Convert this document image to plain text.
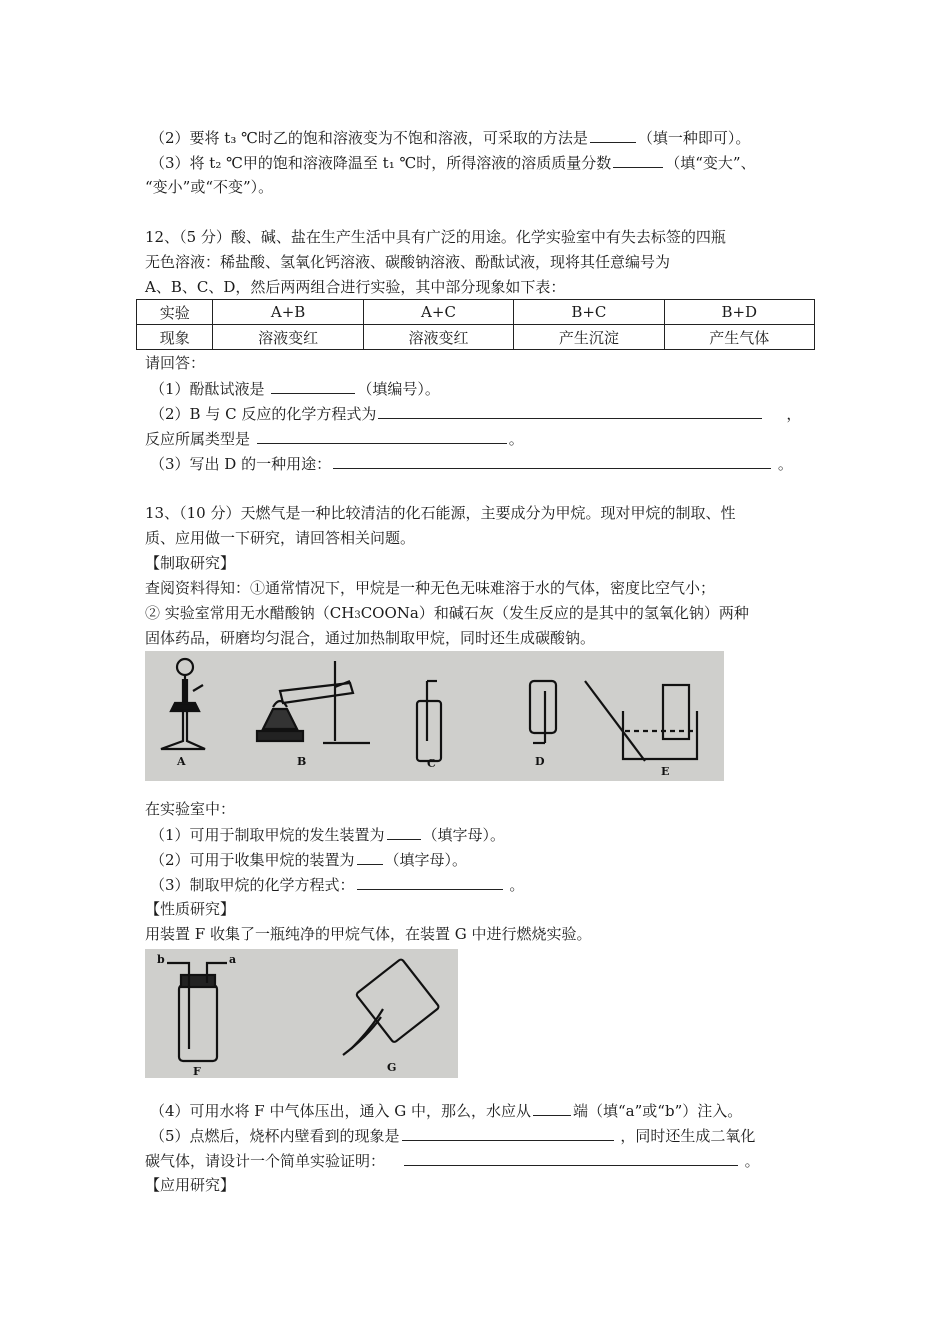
（2）要将 t₃ ℃时乙的饱和溶液变为不饱和溶液，可采取的方法是	（填一种即可）。
（3）将 t₂ ℃甲的饱和溶液降温至 t₁ ℃时，所得溶液的溶质质量分数	（填“变大”、
“变小”或“不变”）。
12、（5 分）酸、碱、盐在生产生活中具有广泛的用途。化学实验室中有失去标签的四瓶
无色溶液：稀盐酸、氢氧化钙溶液、碳酸钠溶液、酚酞试液，现将其任意编号为
A、B、C、D，然后两两组合进行实验，其中部分现象如下表：
实验	A+B	A+C	B+C	B+D
现象	溶液变红	溶液变红	产生沉淀	产生气体
请回答：
（1）酚酞试液是	（填编号）。
（2）B 与 C 反应的化学方程式为	，
反应所属类型是	。
（3）写出 D 的一种用途：	。
13、（10 分）天燃气是一种比较清洁的化石能源，主要成分为甲烷。现对甲烷的制取、性
质、应用做一下研究，请回答相关问题。
【制取研究】
查阅资料得知：①通常情况下，甲烷是一种无色无味难溶于水的气体，密度比空气小；
② 实验室常用无水醋酸钠（CH3COONa）和碱石灰（发生反应的是其中的氢氧化钠）两种
固体药品，研磨均匀混合，通过加热制取甲烷，同时还生成碳酸钠。
A	B	C	D
E
在实验室中：
（1）可用于制取甲烷的发生装置为	（填字母）。
（2）可用于收集甲烷的装置为 （填字母）。
（3）制取甲烷的化学方程式：	。
【性质研究】
用装置 F 收集了一瓶纯净的甲烷气体，在装置 G 中进行燃烧实验。
b	a
F	G
（4）可用水将 F 中气体压出，通入 G 中，那么，水应从	端（填“a”或“b”）注入。
（5）点燃后，烧杯内壁看到的现象是	，同时还生成二氧化
碳气体，请设计一个简单实验证明：	。
【应用研究】
